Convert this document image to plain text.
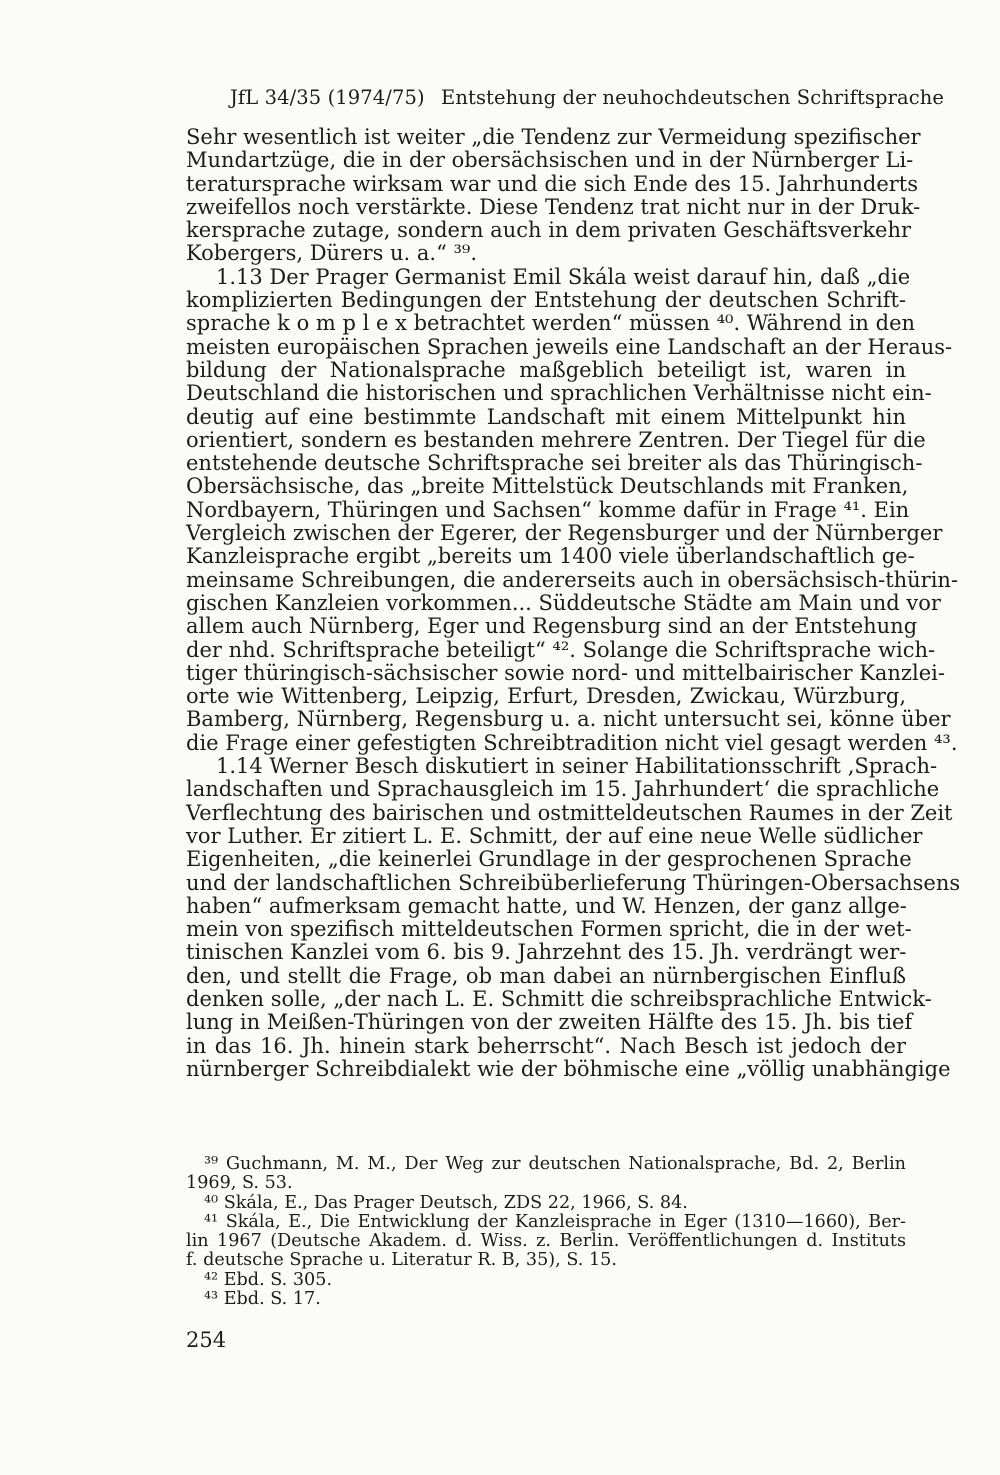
JfL 34/35 (1974/75) Entstehung der neuhochdeutschen Schriftsprache
Sehr wesentlich ist weiter „die Tendenz zur Vermeidung spezifischer
Mundartzüge, die in der obersächsischen und in der Nürnberger Li-
teratursprache wirksam war und die sich Ende des 15. Jahrhunderts
zweifellos noch verstärkte. Diese Tendenz trat nicht nur in der Druk-
kersprache zutage, sondern auch in dem privaten Geschäftsverkehr
Kobergers, Dürers u. a.“ ³⁹.
1.13 Der Prager Germanist Emil Skála weist darauf hin, daß „die
komplizierten Bedingungen der Entstehung der deutschen Schrift-
sprache k o m p l e x betrachtet werden“ müssen ⁴⁰. Während in den
meisten europäischen Sprachen jeweils eine Landschaft an der Heraus-
bildung der Nationalsprache maßgeblich beteiligt ist, waren in
Deutschland die historischen und sprachlichen Verhältnisse nicht ein-
deutig auf eine bestimmte Landschaft mit einem Mittelpunkt hin
orientiert, sondern es bestanden mehrere Zentren. Der Tiegel für die
entstehende deutsche Schriftsprache sei breiter als das Thüringisch-
Obersächsische, das „breite Mittelstück Deutschlands mit Franken,
Nordbayern, Thüringen und Sachsen“ komme dafür in Frage ⁴¹. Ein
Vergleich zwischen der Egerer, der Regensburger und der Nürnberger
Kanzleisprache ergibt „bereits um 1400 viele überlandschaftlich ge-
meinsame Schreibungen, die andererseits auch in obersächsisch-thürin-
gischen Kanzleien vorkommen... Süddeutsche Städte am Main und vor
allem auch Nürnberg, Eger und Regensburg sind an der Entstehung
der nhd. Schriftsprache beteiligt“ ⁴². Solange die Schriftsprache wich-
tiger thüringisch-sächsischer sowie nord- und mittelbairischer Kanzlei-
orte wie Wittenberg, Leipzig, Erfurt, Dresden, Zwickau, Würzburg,
Bamberg, Nürnberg, Regensburg u. a. nicht untersucht sei, könne über
die Frage einer gefestigten Schreibtradition nicht viel gesagt werden ⁴³.
1.14 Werner Besch diskutiert in seiner Habilitationsschrift ‚Sprach-
landschaften und Sprachausgleich im 15. Jahrhundert‘ die sprachliche
Verflechtung des bairischen und ostmitteldeutschen Raumes in der Zeit
vor Luther. Er zitiert L. E. Schmitt, der auf eine neue Welle südlicher
Eigenheiten, „die keinerlei Grundlage in der gesprochenen Sprache
und der landschaftlichen Schreibüberlieferung Thüringen-Obersachsens
haben“ aufmerksam gemacht hatte, und W. Henzen, der ganz allge-
mein von spezifisch mitteldeutschen Formen spricht, die in der wet-
tinischen Kanzlei vom 6. bis 9. Jahrzehnt des 15. Jh. verdrängt wer-
den, und stellt die Frage, ob man dabei an nürnbergischen Einfluß
denken solle, „der nach L. E. Schmitt die schreibsprachliche Entwick-
lung in Meißen-Thüringen von der zweiten Hälfte des 15. Jh. bis tief
in das 16. Jh. hinein stark beherrscht“. Nach Besch ist jedoch der
nürnberger Schreibdialekt wie der böhmische eine „völlig unabhängige
³⁹ Guchmann, M. M., Der Weg zur deutschen Nationalsprache, Bd. 2, Berlin
1969, S. 53.
⁴⁰ Skála, E., Das Prager Deutsch, ZDS 22, 1966, S. 84.
⁴¹ Skála, E., Die Entwicklung der Kanzleisprache in Eger (1310—1660), Ber-
lin 1967 (Deutsche Akadem. d. Wiss. z. Berlin. Veröffentlichungen d. Instituts
f. deutsche Sprache u. Literatur R. B, 35), S. 15.
⁴² Ebd. S. 305.
⁴³ Ebd. S. 17.
254
